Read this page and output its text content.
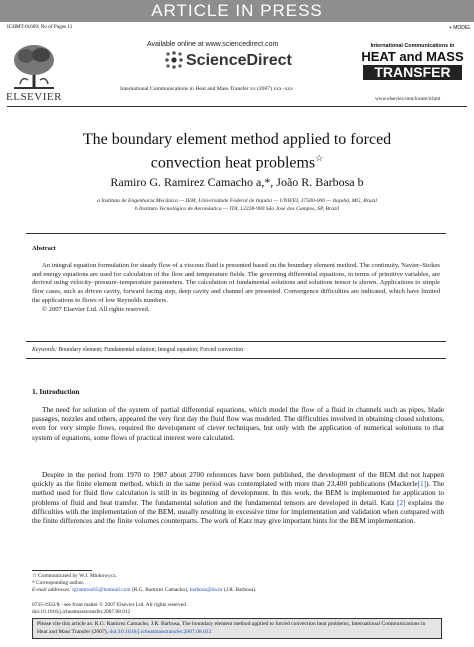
ARTICLE IN PRESS
ICHMT-01669; No of Pages 11	+ MODEL
ELSEVIER
Available online at www.sciencedirect.com
ScienceDirect
International Communications in Heat and Mass Transfer xx (2007) xxx–xxx
www.elsevier.com/locate/ichmt
International Communications in
HEAT and MASS
TRANSFER
The boundary element method applied to forced
convection heat problems☆
Ramiro G. Ramirez Camacho a,*, João R. Barbosa b
a Instituto de Engenharia Mecânica — IEM, Universidade Federal de Itajubá — UNIFEI, 37500-000 — Itajubá, MG, Brazil
b Instituto Tecnológico de Aeronáutica — ITA, 12228-900 São José dos Campos, SP, Brazil
Abstract

An integral equation formulation for steady flow of a viscous fluid is presented based on the boundary element method. The continuity, Navier–Stokes and energy equations are used for calculation of the flow and temperature fields. The governing differential equations, in terms of primitive variables, are derived using velocity–pressure–temperature parameters. The calculation of fundamental solutions and solutions tensor is shown. Applications to simple flow cases, such as driven cavity, forward facing step, deep cavity and channel are presented. Convergence difficulties are indicated, which have limited the applications to flows of low Reynolds numbers.

© 2007 Elsevier Ltd. All rights reserved.

Keywords: Boundary element; Fundamental solution; Integral equation; Forced convection
1. Introduction

The need for solution of the system of partial differential equations, which model the flow of a fluid in channels such as pipes, blade passages, nozzles and others, appeared the very first day the fluid flow was modeled. The difficulties involved in obtaining closed solutions, even for very simple flows, required the development of clever techniques, but only with the application of numerical solutions to that system of equations, some flows of practical interest were calculated.

Despite in the period from 1970 to 1987 about 2700 references have been published, the development of the BEM did not happen quickly as the finite element method, which in the same period was contemplated with more than 23,400 publications (Mackerle[1]). The method used for fluid flow calculation is still in its beginning of development. In this work, the BEM is implemented for application to problems of fluid and heat transfer. The fundamental solution and the fundamental tensors are developed in detail. Katz [2] explains the difficulties with the implementation of the BEM, usually resulting in excessive time for implementation and validation when compared with the finite differences and the finite volumes counterparts. The work of Katz may give important hints for the BEM implementation.

☆ Communicated by W.J. Minkowycz.
* Corresponding author.
E-mail addresses: rgramirez65@hotmail.com (R.G. Ramirez Camacho), barbosa@ita.br (J.R. Barbosa).
0735-1933/$ - see front matter © 2007 Elsevier Ltd. All rights reserved.
doi:10.1016/j.icheatmasstransfer.2007.08.012
Please cite this article as: R.G. Ramirez Camacho, J.R. Barbosa, The boundary element method applied to forced convection heat problems, International Communications in Heat and Mass Transfer (2007), doi:10.1016/j.icheatmasstransfer.2007.08.012
